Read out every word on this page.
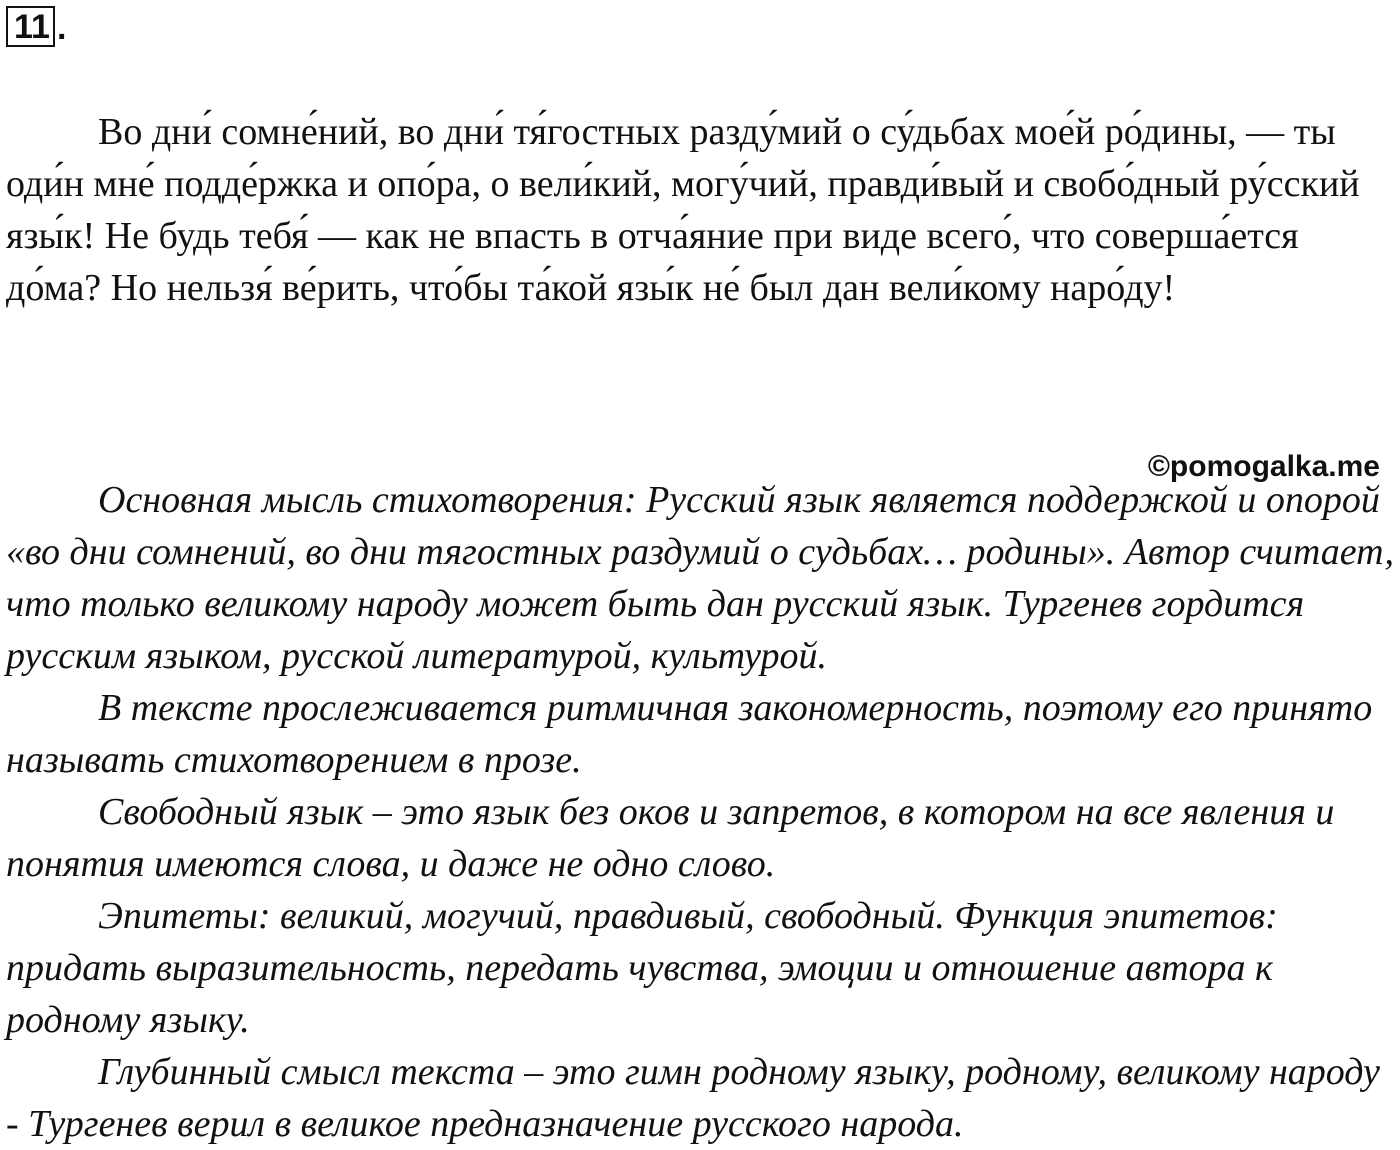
11 .

Во дни́ сомне́ний, во дни́ тя́гостных разду́мий о су́дьбах мое́й ро́дины, — ты оди́н мне́ подде́ржка и опо́ра, о вели́кий, могу́чий, правди́вый и свобо́дный ру́сский язы́к! Не будь тебя́ — как не впасть в отча́яние при виде всего́, что соверша́ется до́ма? Но нельзя́ ве́рить, что́бы та́кой язы́к не́ был дан вели́кому наро́ду!

©pomogalka.me

Основная мысль стихотворения: Русский язык является поддержкой и опорой «во дни сомнений, во дни тягостных раздумий о судьбах… родины». Автор считает, что только великому народу может быть дан русский язык. Тургенев гордится русским языком, русской литературой, культурой.

В тексте прослеживается ритмичная закономерность, поэтому его принято называть стихотворением в прозе.

Свободный язык – это язык без оков и запретов, в котором на все явления и понятия имеются слова, и даже не одно слово.

Эпитеты: великий, могучий, правдивый, свободный. Функция эпитетов: придать выразительность, передать чувства, эмоции и отношение автора к родному языку.

Глубинный смысл текста – это гимн родному языку, родному, великому народу - Тургенев верил в великое предназначение русского народа.
